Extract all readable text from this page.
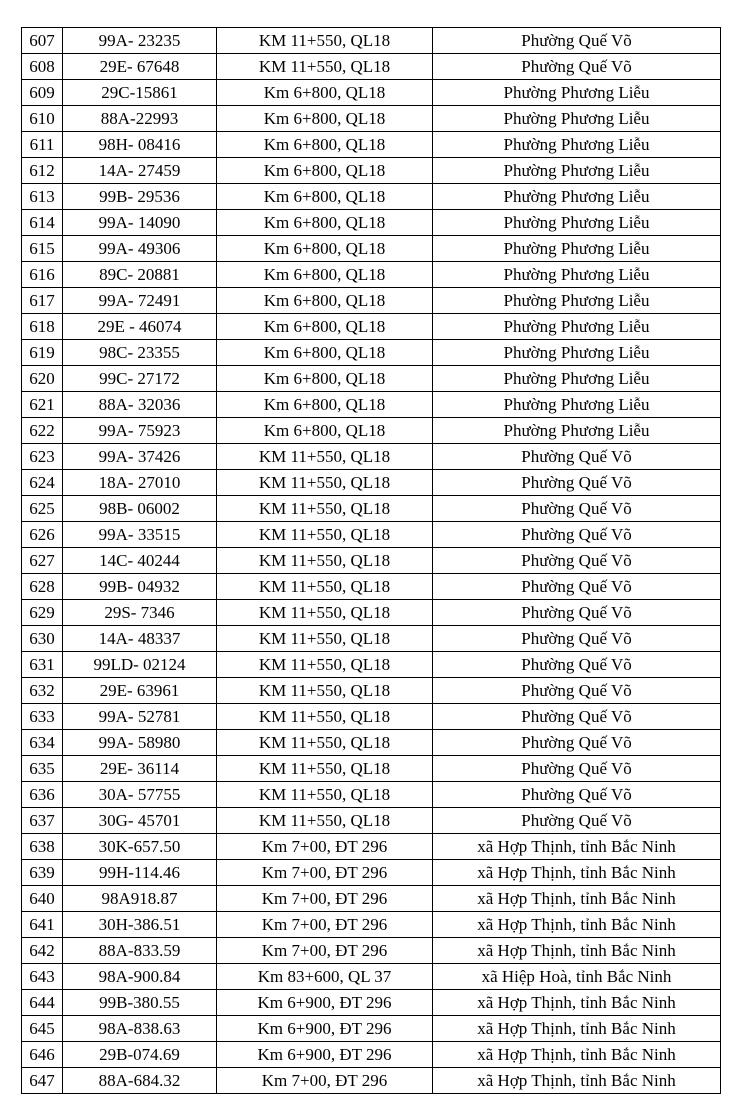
607	99A- 23235	KM 11+550, QL18	Phường Quế Võ
608	29E- 67648	KM 11+550, QL18	Phường Quế Võ
609	29C-15861	Km 6+800, QL18	Phường Phương Liễu
610	88A-22993	Km 6+800, QL18	Phường Phương Liễu
611	98H- 08416	Km 6+800, QL18	Phường Phương Liễu
612	14A- 27459	Km 6+800, QL18	Phường Phương Liễu
613	99B- 29536	Km 6+800, QL18	Phường Phương Liễu
614	99A- 14090	Km 6+800, QL18	Phường Phương Liễu
615	99A- 49306	Km 6+800, QL18	Phường Phương Liễu
616	89C- 20881	Km 6+800, QL18	Phường Phương Liễu
617	99A- 72491	Km 6+800, QL18	Phường Phương Liễu
618	29E - 46074	Km 6+800, QL18	Phường Phương Liễu
619	98C- 23355	Km 6+800, QL18	Phường Phương Liễu
620	99C- 27172	Km 6+800, QL18	Phường Phương Liễu
621	88A- 32036	Km 6+800, QL18	Phường Phương Liễu
622	99A- 75923	Km 6+800, QL18	Phường Phương Liễu
623	99A- 37426	KM 11+550, QL18	Phường Quế Võ
624	18A- 27010	KM 11+550, QL18	Phường Quế Võ
625	98B- 06002	KM 11+550, QL18	Phường Quế Võ
626	99A- 33515	KM 11+550, QL18	Phường Quế Võ
627	14C- 40244	KM 11+550, QL18	Phường Quế Võ
628	99B- 04932	KM 11+550, QL18	Phường Quế Võ
629	29S- 7346	KM 11+550, QL18	Phường Quế Võ
630	14A- 48337	KM 11+550, QL18	Phường Quế Võ
631	99LD- 02124	KM 11+550, QL18	Phường Quế Võ
632	29E- 63961	KM 11+550, QL18	Phường Quế Võ
633	99A- 52781	KM 11+550, QL18	Phường Quế Võ
634	99A- 58980	KM 11+550, QL18	Phường Quế Võ
635	29E- 36114	KM 11+550, QL18	Phường Quế Võ
636	30A- 57755	KM 11+550, QL18	Phường Quế Võ
637	30G- 45701	KM 11+550, QL18	Phường Quế Võ
638	30K-657.50	Km 7+00, ĐT 296	xã Hợp Thịnh, tỉnh Bắc Ninh
639	99H-114.46	Km 7+00, ĐT 296	xã Hợp Thịnh, tỉnh Bắc Ninh
640	98A918.87	Km 7+00, ĐT 296	xã Hợp Thịnh, tỉnh Bắc Ninh
641	30H-386.51	Km 7+00, ĐT 296	xã Hợp Thịnh, tỉnh Bắc Ninh
642	88A-833.59	Km 7+00, ĐT 296	xã Hợp Thịnh, tỉnh Bắc Ninh
643	98A-900.84	Km 83+600, QL 37	xã Hiệp Hoà, tỉnh Bắc Ninh
644	99B-380.55	Km 6+900, ĐT 296	xã Hợp Thịnh, tỉnh Bắc Ninh
645	98A-838.63	Km 6+900, ĐT 296	xã Hợp Thịnh, tỉnh Bắc Ninh
646	29B-074.69	Km 6+900, ĐT 296	xã Hợp Thịnh, tỉnh Bắc Ninh
647	88A-684.32	Km 7+00, ĐT 296	xã Hợp Thịnh, tỉnh Bắc Ninh
